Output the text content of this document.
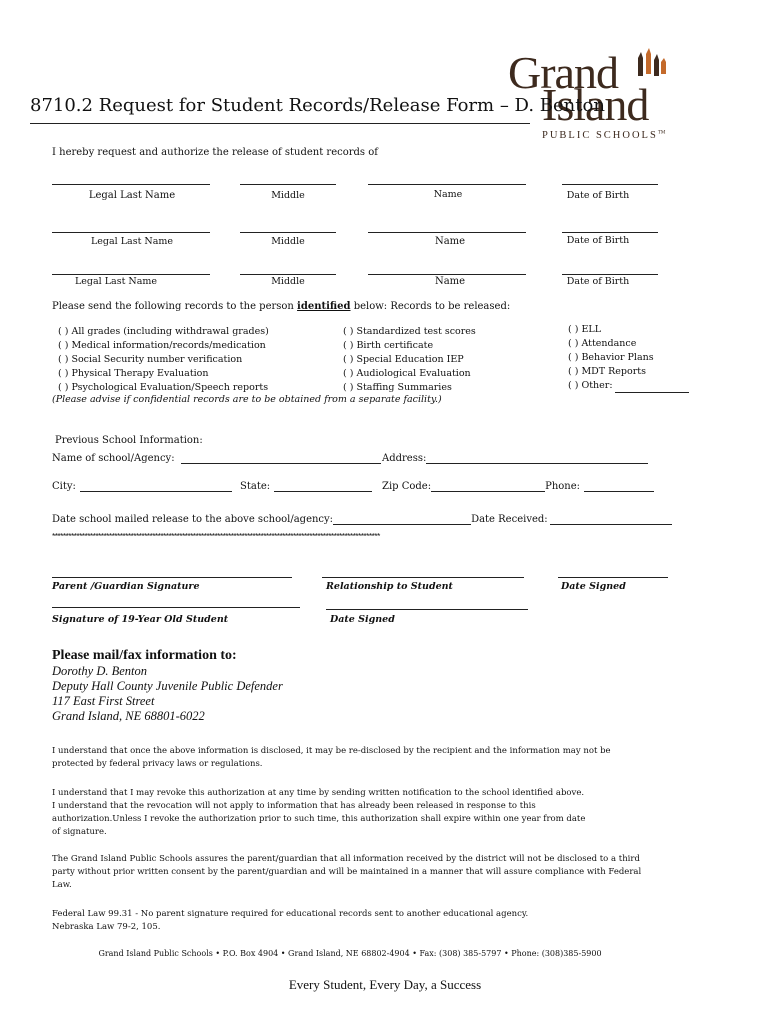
Grand
Island
PUBLIC SCHOOLS™
8710.2 Request for Student Records/Release Form – D. Benton
I hereby request and authorize the release of student records of
Legal Last Name	Middle	Name	Date of Birth
Legal Last Name	Middle	Name	Date of Birth
Legal Last Name	Middle	Name	Date of Birth
Please send the following records to the person identified below: Records to be released:
( ) All grades (including withdrawal grades)
( ) Medical information/records/medication
( ) Social Security number verification
( ) Physical Therapy Evaluation
( ) Psychological Evaluation/Speech reports
( ) Standardized test scores
( ) Birth certificate
( ) Special Education IEP
( ) Audiological Evaluation
( ) Staffing Summaries
( ) ELL
( ) Attendance
( ) Behavior Plans
( ) MDT Reports
( ) Other:
(Please advise if confidential records are to be obtained from a separate facility.)
Previous School Information:
Name of school/Agency:	Address:
City:	State:	Zip Code:	Phone:
Date school mailed release to the above school/agency:	Date Received:
*************************************************************************************************************************
Parent /Guardian Signature	Relationship to Student	Date Signed
Signature of 19-Year Old Student	Date Signed
Please mail/fax information to:
Dorothy D. Benton
Deputy Hall County Juvenile Public Defender
117 East First Street
Grand Island, NE 68801-6022
I understand that once the above information is disclosed, it may be re-disclosed by the recipient and the information may not be
protected by federal privacy laws or regulations.
I understand that I may revoke this authorization at any time by sending written notification to the school identified above.
I understand that the revocation will not apply to information that has already been released in response to this
authorization.Unless I revoke the authorization prior to such time, this authorization shall expire within one year from date
of signature.
The Grand Island Public Schools assures the parent/guardian that all information received by the district will not be disclosed to a third
party without prior written consent by the parent/guardian and will be maintained in a manner that will assure compliance with Federal
Law.
Federal Law 99.31 - No parent signature required for educational records sent to another educational agency.
Nebraska Law 79-2, 105.
Grand Island Public Schools • P.O. Box 4904 • Grand Island, NE 68802-4904 • Fax: (308) 385-5797 • Phone: (308)385-5900
Every Student, Every Day, a Success
